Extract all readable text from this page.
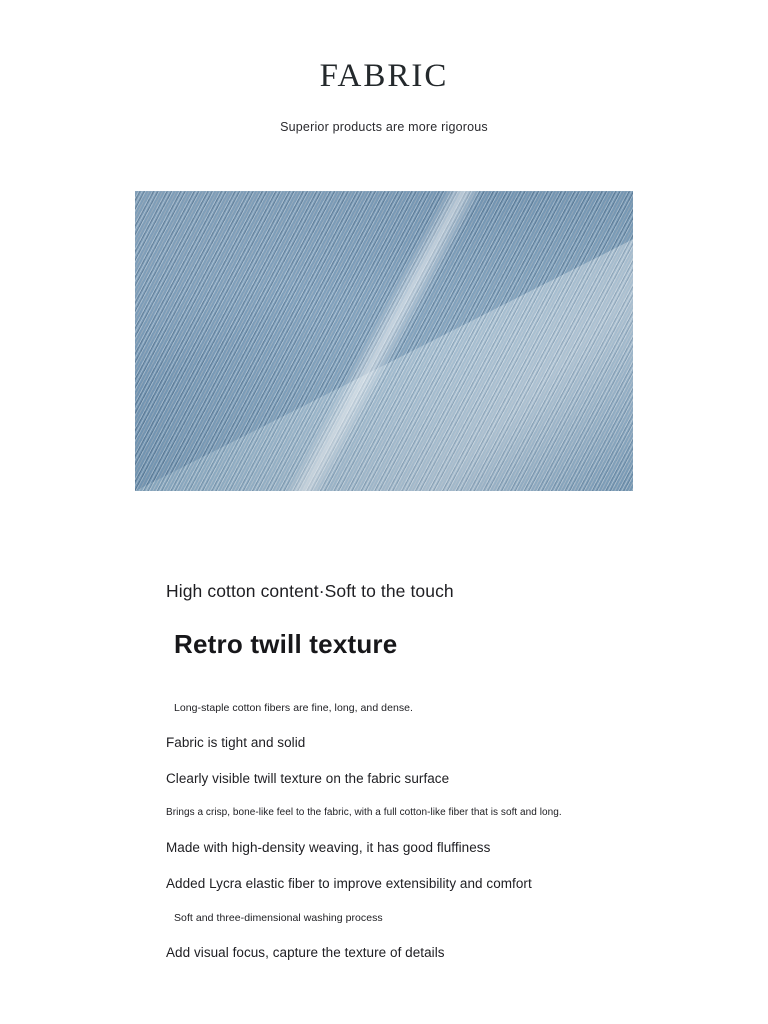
FABRIC

Superior products are more rigorous

High cotton content·Soft to the touch

Retro twill texture

Long-staple cotton fibers are fine, long, and dense.
Fabric is tight and solid
Clearly visible twill texture on the fabric surface
Brings a crisp, bone-like feel to the fabric, with a full cotton-like fiber that is soft and long.
Made with high-density weaving, it has good fluffiness
Added Lycra elastic fiber to improve extensibility and comfort
Soft and three-dimensional washing process
Add visual focus, capture the texture of details
